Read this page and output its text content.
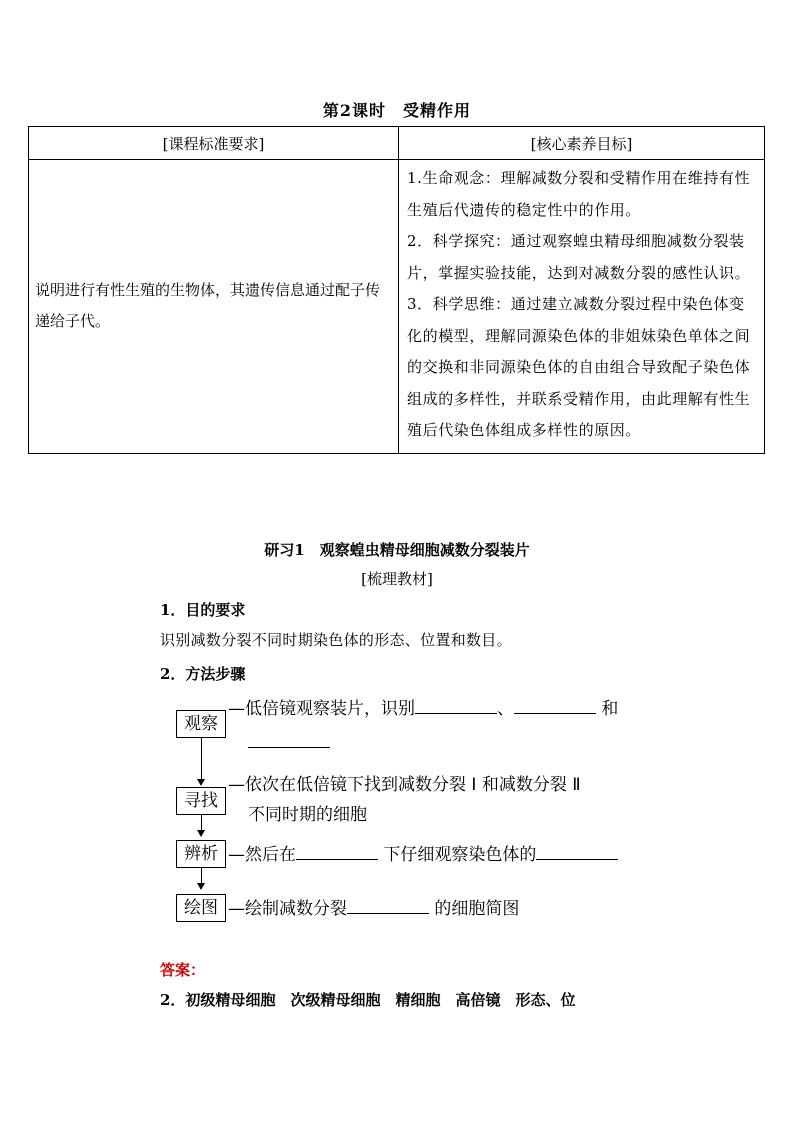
第2课时　受精作用
[课程标准要求]	[核心素养目标]
说明进行有性生殖的生物体，其遗传信息通过配子传递给子代。	1.生命观念：理解减数分裂和受精作用在维持有性生殖后代遗传的稳定性中的作用。
2．科学探究：通过观察蝗虫精母细胞减数分裂装片，掌握实验技能，达到对减数分裂的感性认识。
3．科学思维：通过建立减数分裂过程中染色体变化的模型，理解同源染色体的非姐妹染色单体之间的交换和非同源染色体的自由组合导致配子染色体组成的多样性，并联系受精作用，由此理解有性生殖后代染色体组成多样性的原因。
研习1　观察蝗虫精母细胞减数分裂装片
[梳理教材]
1．目的要求
识别减数分裂不同时期染色体的形态、位置和数目。
2．方法步骤
观察
—低倍镜观察装片，识别	、	和
寻找
—依次在低倍镜下找到减数分裂 Ⅰ 和减数分裂 Ⅱ
不同时期的细胞
辨析 —然后在	下仔细观察染色体的
绘图 —绘制减数分裂	的细胞简图
答案：
2．初级精母细胞　次级精母细胞　精细胞　高倍镜　形态、位
